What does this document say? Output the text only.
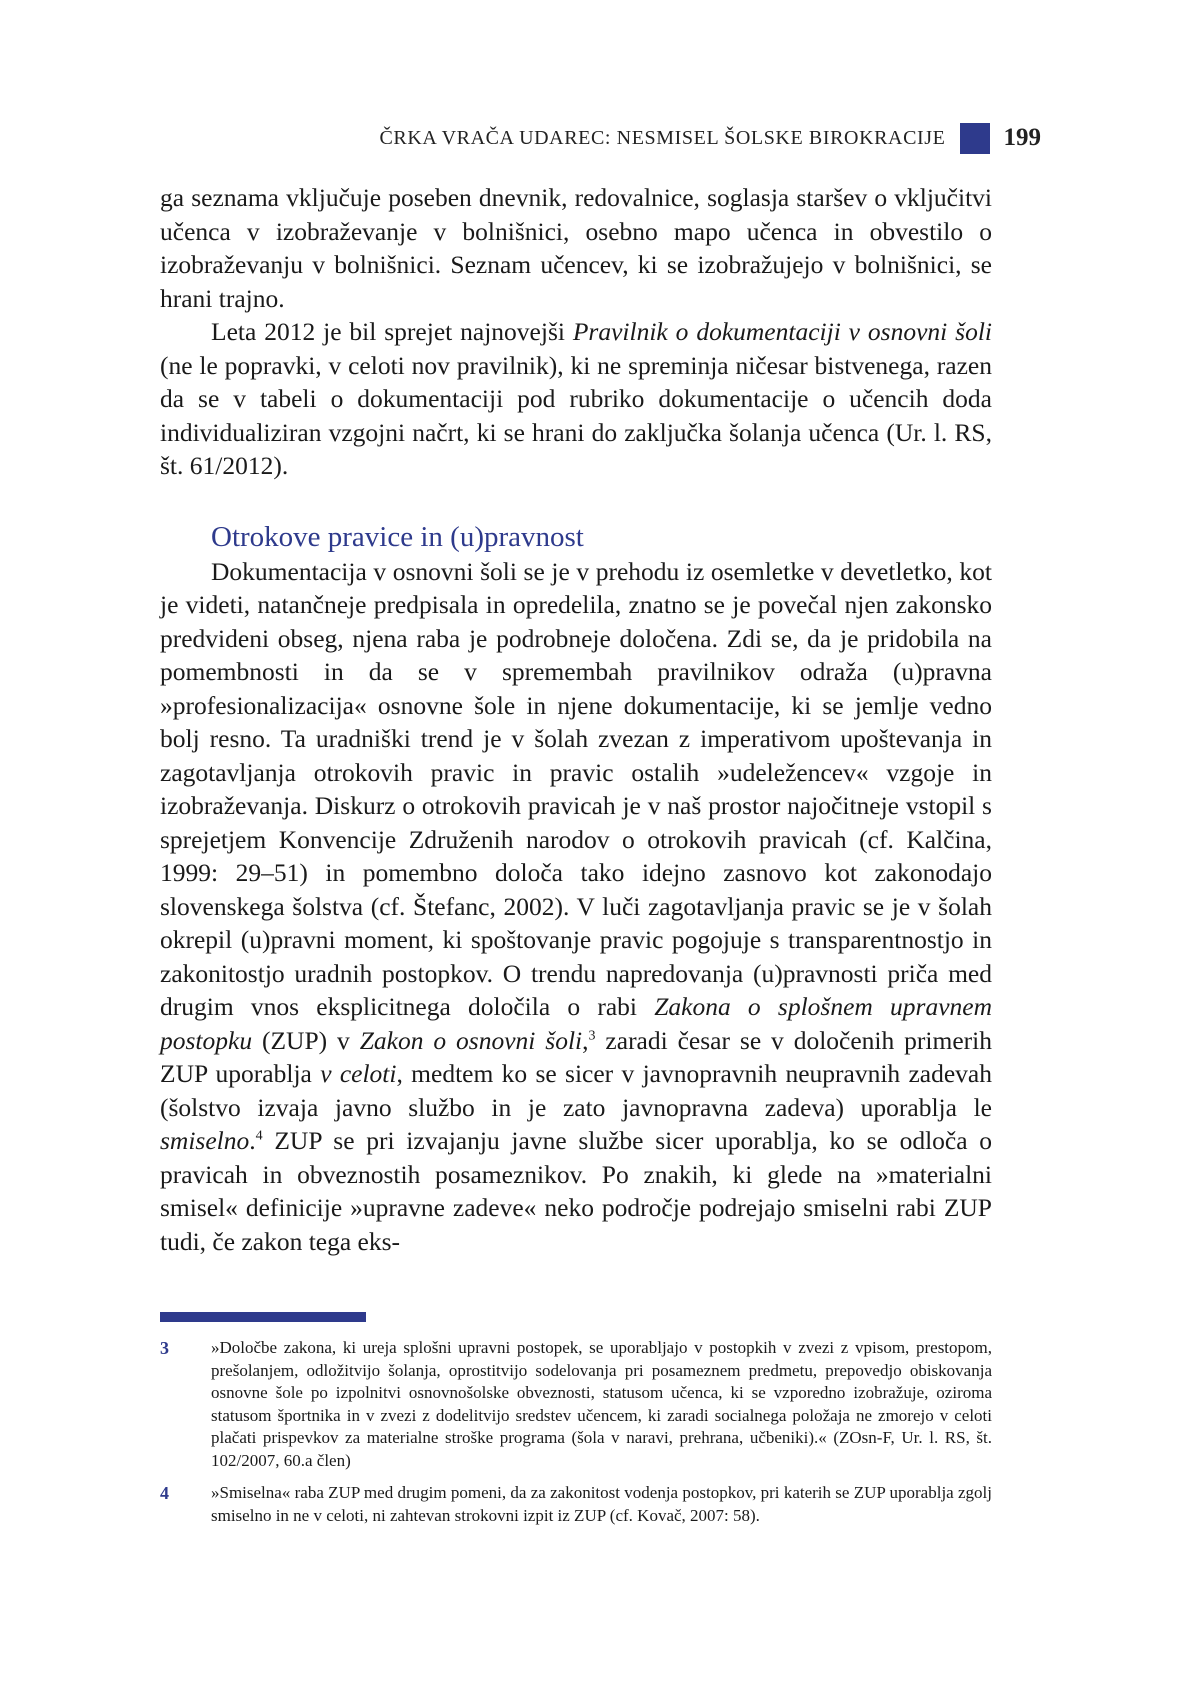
ČRKA VRAČA UDAREC: NESMISEL ŠOLSKE BIROKRACIJE 199

ga seznama vključuje poseben dnevnik, redovalnice, soglasja staršev o vključitvi učenca v izobraževanje v bolnišnici, osebno mapo učenca in obvestilo o izobraževanju v bolnišnici. Seznam učencev, ki se izobražujejo v bolnišnici, se hrani trajno.

Leta 2012 je bil sprejet najnovejši Pravilnik o dokumentaciji v osnovni šoli (ne le popravki, v celoti nov pravilnik), ki ne spreminja ničesar bistvenega, razen da se v tabeli o dokumentaciji pod rubriko dokumentacije o učencih doda individualiziran vzgojni načrt, ki se hrani do zaključka šolanja učenca (Ur. l. RS, št. 61/2012).

Otrokove pravice in (u)pravnost

Dokumentacija v osnovni šoli se je v prehodu iz osemletke v devetletko, kot je videti, natančneje predpisala in opredelila, znatno se je povečal njen zakonsko predvideni obseg, njena raba je podrobneje določena. Zdi se, da je pridobila na pomembnosti in da se v spremembah pravilnikov odraža (u)pravna »profesionalizacija« osnovne šole in njene dokumentacije, ki se jemlje vedno bolj resno. Ta uradniški trend je v šolah zvezan z imperativom upoštevanja in zagotavljanja otrokovih pravic in pravic ostalih »udeležencev« vzgoje in izobraževanja. Diskurz o otrokovih pravicah je v naš prostor najočitneje vstopil s sprejetjem Konvencije Združenih narodov o otrokovih pravicah (cf. Kalčina, 1999: 29–51) in pomembno določa tako idejno zasnovo kot zakonodajo slovenskega šolstva (cf. Štefanc, 2002). V luči zagotavljanja pravic se je v šolah okrepil (u)pravni moment, ki spoštovanje pravic pogojuje s transparentnostjo in zakonitostjo uradnih postopkov. O trendu napredovanja (u)pravnosti priča med drugim vnos eksplicitnega določila o rabi Zakona o splošnem upravnem postopku (ZUP) v Zakon o osnovni šoli,$^3$ zaradi česar se v določenih primerih ZUP uporablja v celoti, medtem ko se sicer v javnopravnih neupravnih zadevah (šolstvo izvaja javno službo in je zato javnopravna zadeva) uporablja le smiselno.$^4$ ZUP se pri izvajanju javne službe sicer uporablja, ko se odloča o pravicah in obveznostih posameznikov. Po znakih, ki glede na »materialni smisel« definicije »upravne zadeve« neko področje podrejajo smiselni rabi ZUP tudi, če zakon tega eks-

3	»Določbe zakona, ki ureja splošni upravni postopek, se uporabljajo v postopkih v zvezi z vpisom, prestopom, prešolanjem, odložitvijo šolanja, oprostitvijo sodelovanja pri posameznem predmetu, prepovedjo obiskovanja osnovne šole po izpolnitvi osnovnošolske obveznosti, statusom učenca, ki se vzporedno izobražuje, oziroma statusom športnika in v zvezi z dodelitvijo sredstev učencem, ki zaradi socialnega položaja ne zmorejo v celoti plačati prispevkov za materialne stroške programa (šola v naravi, prehrana, učbeniki).« (ZOsn-F, Ur. l. RS, št. 102/2007, 60.a člen)
4	»Smiselna« raba ZUP med drugim pomeni, da za zakonitost vodenja postopkov, pri katerih se ZUP uporablja zgolj smiselno in ne v celoti, ni zahtevan strokovni izpit iz ZUP (cf. Kovač, 2007: 58).
